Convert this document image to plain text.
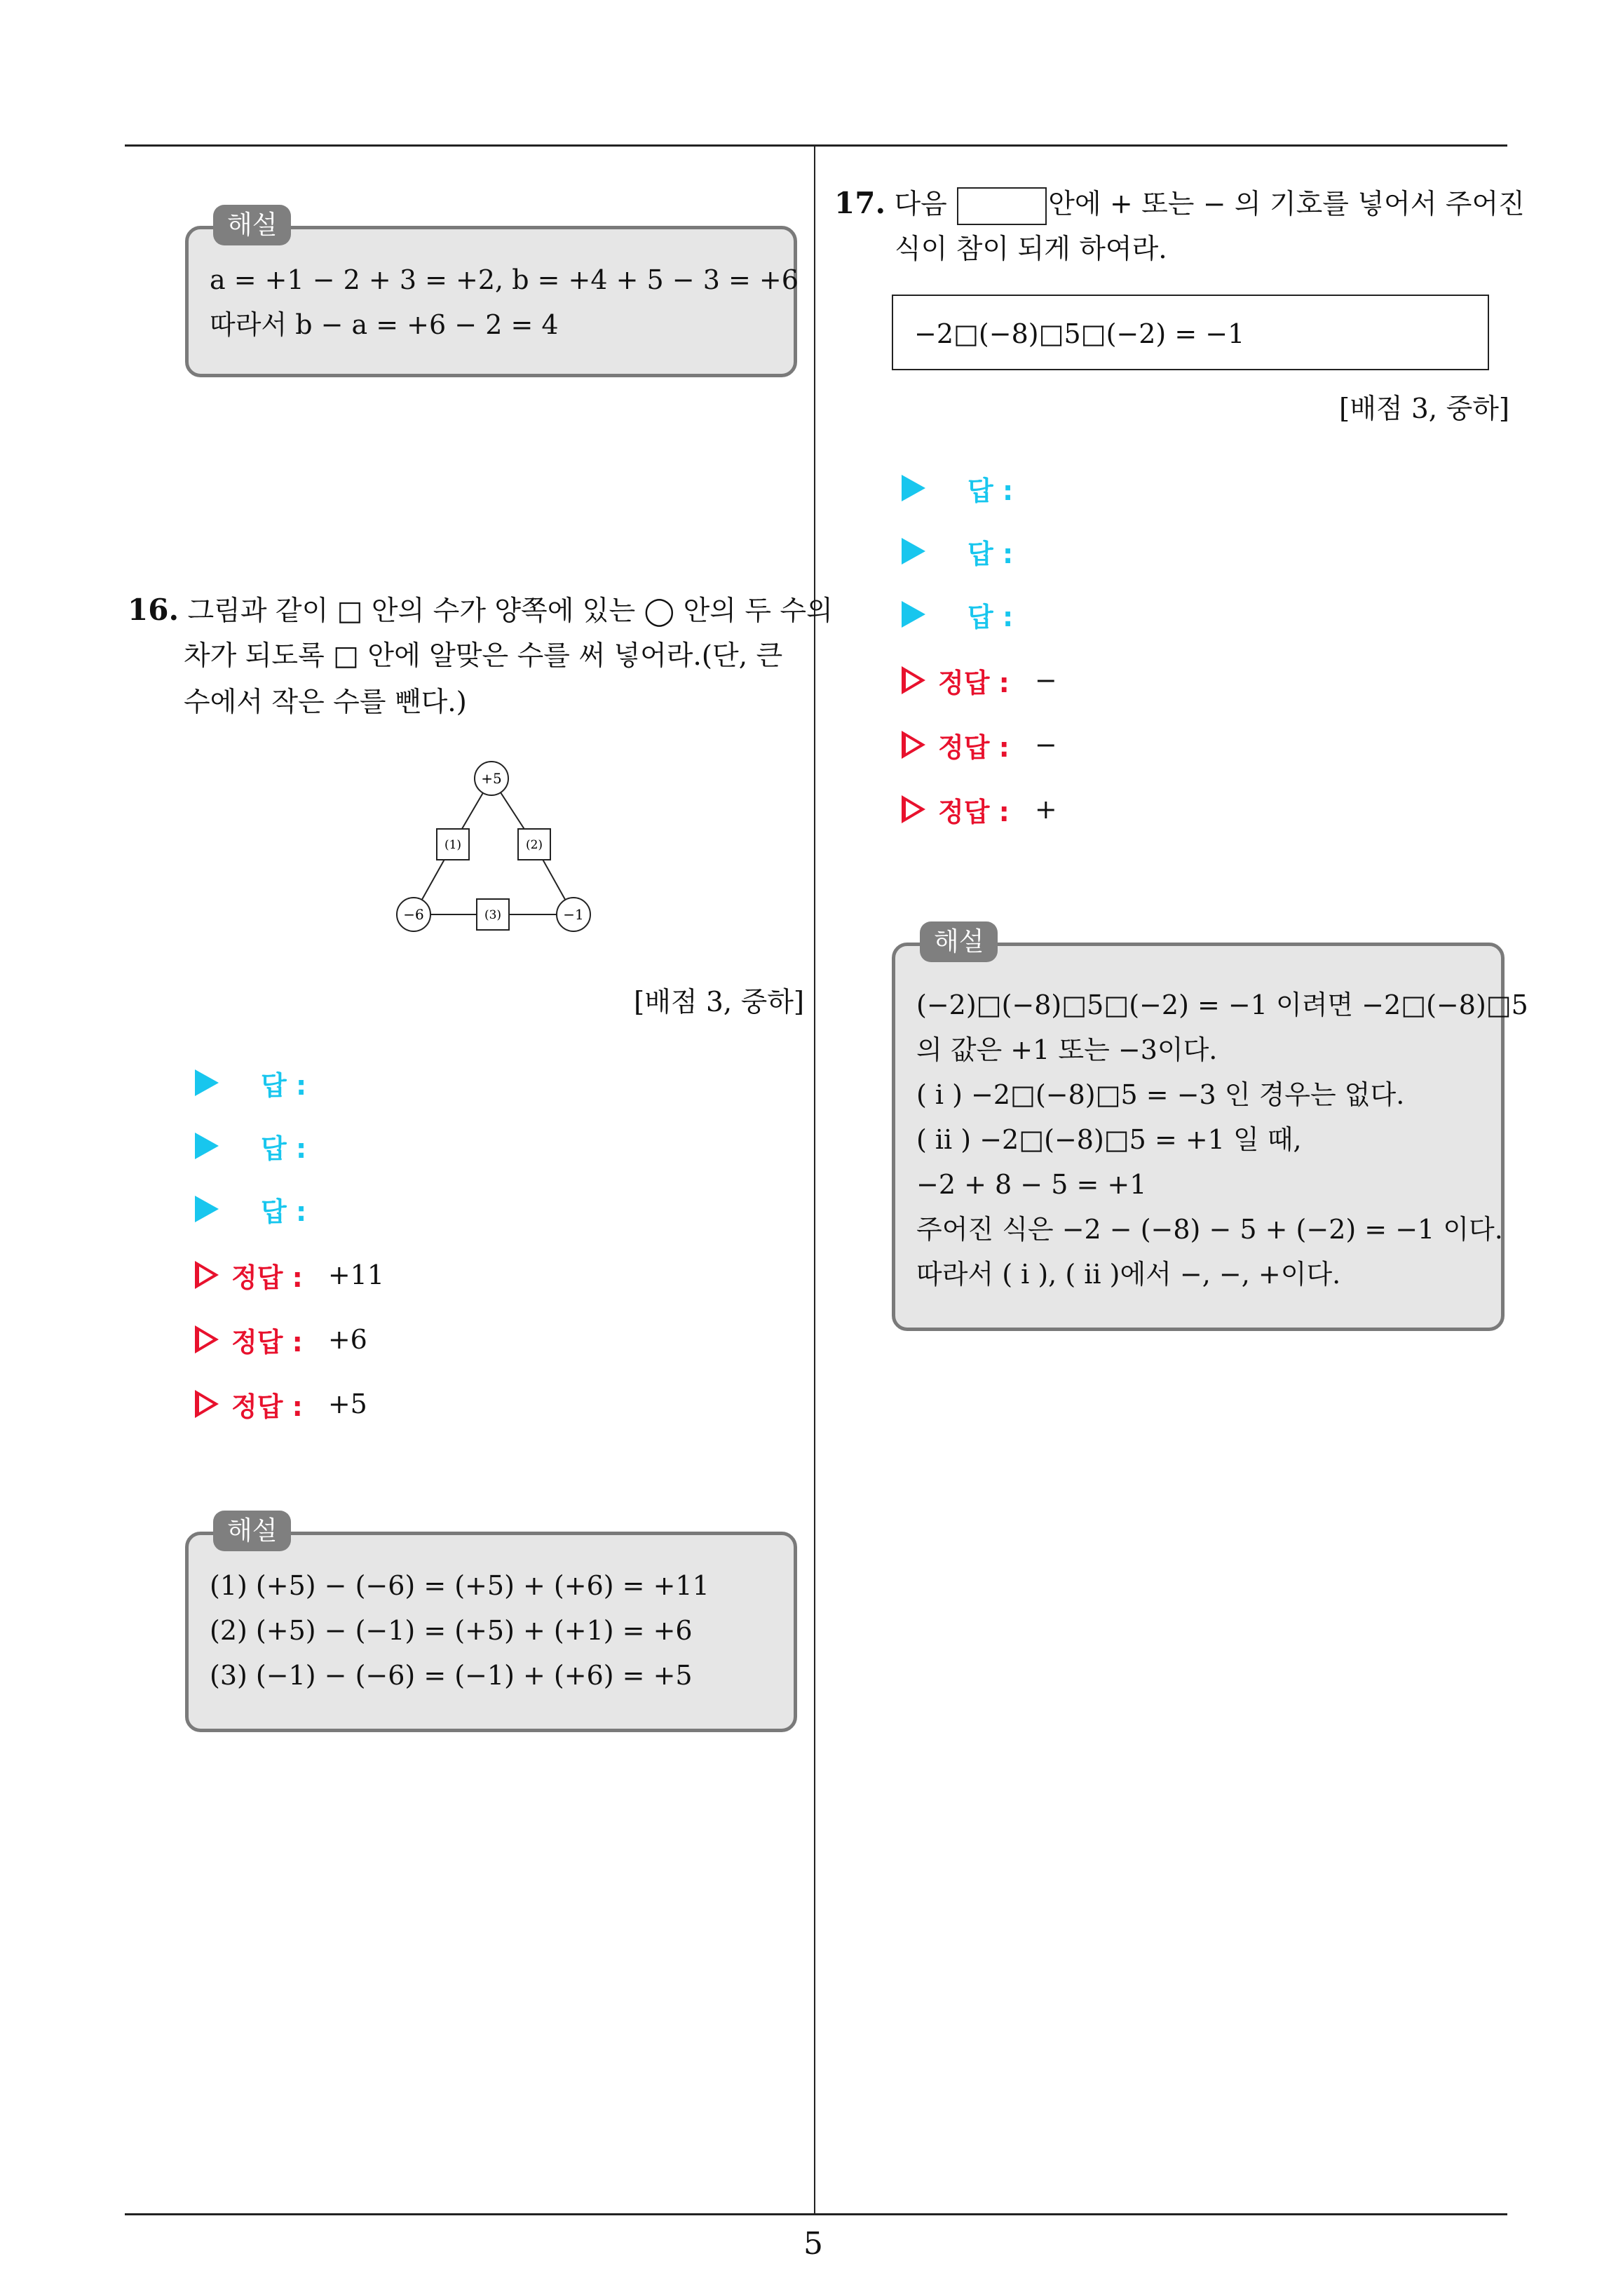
a = +1 − 2 + 3 = +2, b = +4 + 5 − 3 = +6
따라서 b − a = +6 − 2 = 4
해설
16. 그림과 같이 □ 안의 수가 양쪽에 있는 ◯ 안의 두 수의
차가 되도록 □ 안에 알맞은 수를 써 넣어라.(단, 큰
수에서 작은 수를 뺀다.)
+5
−6	−1
(1)	(2)
(3)
[배점 3, 중하]
답 :
답 :
답 :
정답 : +11
정답 : +6
정답 : +5
(1) (+5) − (−6) = (+5) + (+6) = +11
(2) (+5) − (−1) = (+5) + (+1) = +6
(3) (−1) − (−6) = (−1) + (+6) = +5
해설
17. 다음	안에 + 또는 − 의 기호를 넣어서 주어진
식이 참이 되게 하여라.
−2□(−8)□5□(−2) = −1
[배점 3, 중하]
답 :
답 :
답 :
정답 : −
정답 : −
정답 : +
(−2)□(−8)□5□(−2) = −1 이려면 −2□(−8)□5
의 값은 +1 또는 −3이다.
( i ) −2□(−8)□5 = −3 인 경우는 없다.
( ii ) −2□(−8)□5 = +1 일 때,
−2 + 8 − 5 = +1
주어진 식은 −2 − (−8) − 5 + (−2) = −1 이다.
따라서 ( i ), ( ii )에서 −, −, +이다.
해설
5
